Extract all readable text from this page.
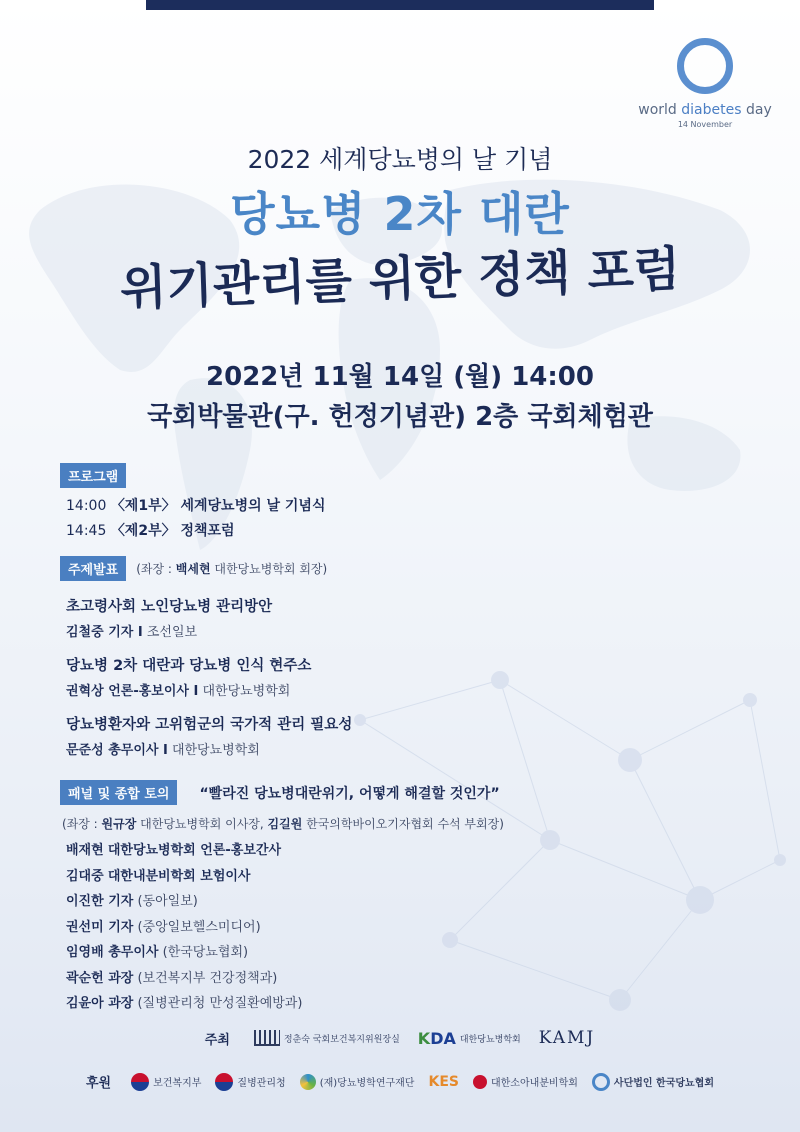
world diabetes day
14 November
2022 세계당뇨병의 날 기념
당뇨병 2차 대란
위기관리를 위한 정책 포럼
2022년 11월 14일 (월) 14:00
국회박물관(구. 헌정기념관) 2층 국회체험관
프로그램
14:00 〈제1부〉 세계당뇨병의 날 기념식
14:45 〈제2부〉 정책포럼
주제발표	(좌장 : 백세현 대한당뇨병학회 회장)
초고령사회 노인당뇨병 관리방안
김철중 기자 I 조선일보
당뇨병 2차 대란과 당뇨병 인식 현주소
권혁상 언론-홍보이사 I 대한당뇨병학회
당뇨병환자와 고위험군의 국가적 관리 필요성
문준성 총무이사 I 대한당뇨병학회
패널 및 종합 토의	“빨라진 당뇨병대란위기, 어떻게 해결할 것인가”
(좌장 : 원규장 대한당뇨병학회 이사장, 김길원 한국의학바이오기자협회 수석 부회장)
배재현 대한당뇨병학회 언론-홍보간사
김대중 대한내분비학회 보험이사
이진한 기자 (동아일보)
권선미 기자 (중앙일보헬스미디어)
임영배 총무이사 (한국당뇨협회)
곽순헌 과장 (보건복지부 건강정책과)
김윤아 과장 (질병관리청 만성질환예방과)
주최	정춘숙 국회보건복지위원장실 KDA 대한당뇨병학회 KAMJ
후원	보건복지부	질병관리청	(재)당뇨병학연구재단 KES	대한소아내분비학회	사단법인 한국당뇨협회
